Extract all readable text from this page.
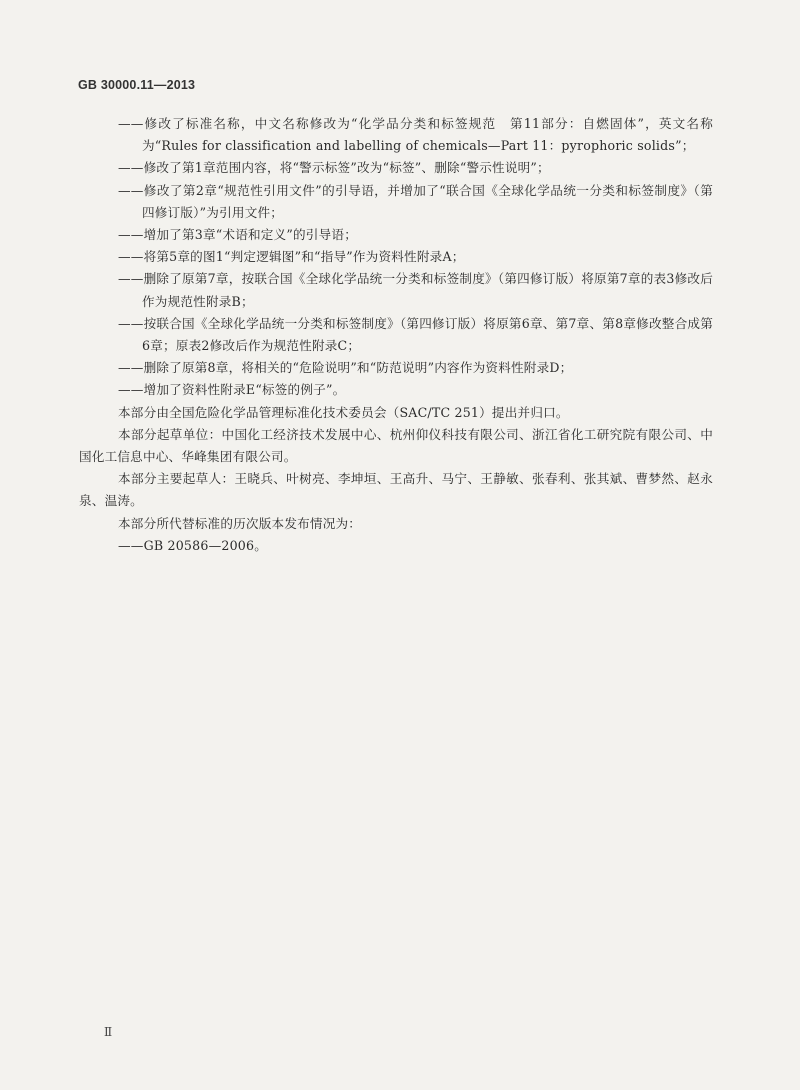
GB 30000.11—2013

——修改了标准名称，中文名称修改为“化学品分类和标签规范　第11部分：自燃固体”，英文名称为“Rules for classification and labelling of chemicals—Part 11：pyrophoric solids”；

——修改了第1章范围内容，将“警示标签”改为“标签”、删除“警示性说明”；

——修改了第2章“规范性引用文件”的引导语，并增加了“联合国《全球化学品统一分类和标签制度》（第四修订版）”为引用文件；

——增加了第3章“术语和定义”的引导语；

——将第5章的图1“判定逻辑图”和“指导”作为资料性附录A；

——删除了原第7章，按联合国《全球化学品统一分类和标签制度》（第四修订版）将原第7章的表3修改后作为规范性附录B；

——按联合国《全球化学品统一分类和标签制度》（第四修订版）将原第6章、第7章、第8章修改整合成第6章；原表2修改后作为规范性附录C；

——删除了原第8章，将相关的“危险说明”和“防范说明”内容作为资料性附录D；

——增加了资料性附录E“标签的例子”。

本部分由全国危险化学品管理标准化技术委员会（SAC/TC 251）提出并归口。

本部分起草单位：中国化工经济技术发展中心、杭州仰仪科技有限公司、浙江省化工研究院有限公司、中国化工信息中心、华峰集团有限公司。

本部分主要起草人：王晓兵、叶树亮、李坤垣、王高升、马宁、王静敏、张春利、张其斌、曹梦然、赵永泉、温涛。

本部分所代替标准的历次版本发布情况为：

——GB 20586—2006。

Ⅱ
